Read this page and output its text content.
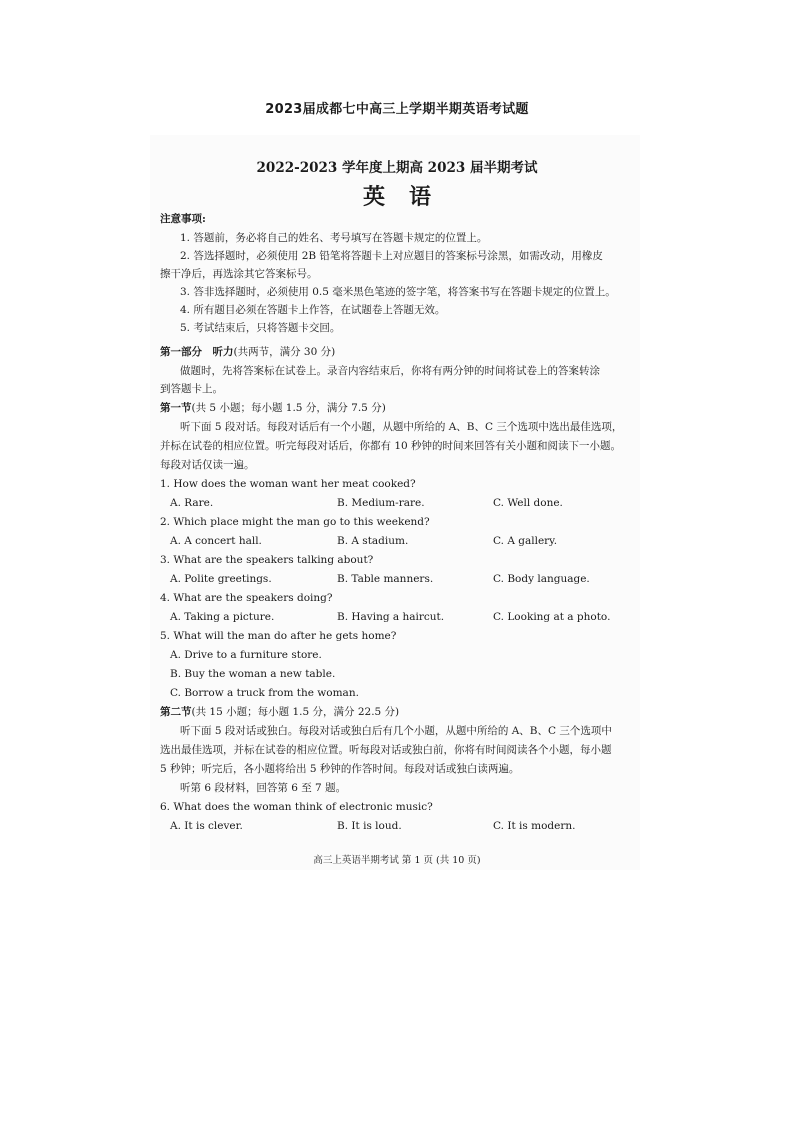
2023届成都七中高三上学期半期英语考试题
2022-2023 学年度上期高 2023 届半期考试
英语
注意事项:
1. 答题前，务必将自己的姓名、考号填写在答题卡规定的位置上。
2. 答选择题时，必须使用 2B 铅笔将答题卡上对应题目的答案标号涂黑，如需改动，用橡皮
擦干净后，再选涂其它答案标号。
3. 答非选择题时，必须使用 0.5 毫米黑色笔迹的签字笔，将答案书写在答题卡规定的位置上。
4. 所有题目必须在答题卡上作答，在试题卷上答题无效。
5. 考试结束后，只将答题卡交回。
第一部分　听力(共两节，满分 30 分)
做题时，先将答案标在试卷上。录音内容结束后，你将有两分钟的时间将试卷上的答案转涂
到答题卡上。
第一节(共 5 小题；每小题 1.5 分，满分 7.5 分)
听下面 5 段对话。每段对话后有一个小题，从题中所给的 A、B、C 三个选项中选出最佳选项，
并标在试卷的相应位置。听完每段对话后，你都有 10 秒钟的时间来回答有关小题和阅读下一小题。
每段对话仅读一遍。
1. How does the woman want her meat cooked?
A. Rare.	B. Medium-rare.	C. Well done.
2. Which place might the man go to this weekend?
A. A concert hall.	B. A stadium.	C. A gallery.
3. What are the speakers talking about?
A. Polite greetings.	B. Table manners.	C. Body language.
4. What are the speakers doing?
A. Taking a picture.	B. Having a haircut.	C. Looking at a photo.
5. What will the man do after he gets home?
A. Drive to a furniture store.
B. Buy the woman a new table.
C. Borrow a truck from the woman.
第二节(共 15 小题；每小题 1.5 分，满分 22.5 分)
听下面 5 段对话或独白。每段对话或独白后有几个小题，从题中所给的 A、B、C 三个选项中
选出最佳选项，并标在试卷的相应位置。听每段对话或独白前，你将有时间阅读各个小题，每小题
5 秒钟；听完后，各小题将给出 5 秒钟的作答时间。每段对话或独白读两遍。
听第 6 段材料，回答第 6 至 7 题。
6. What does the woman think of electronic music?
A. It is clever.	B. It is loud.	C. It is modern.
高三上英语半期考试 第 1 页 (共 10 页)
